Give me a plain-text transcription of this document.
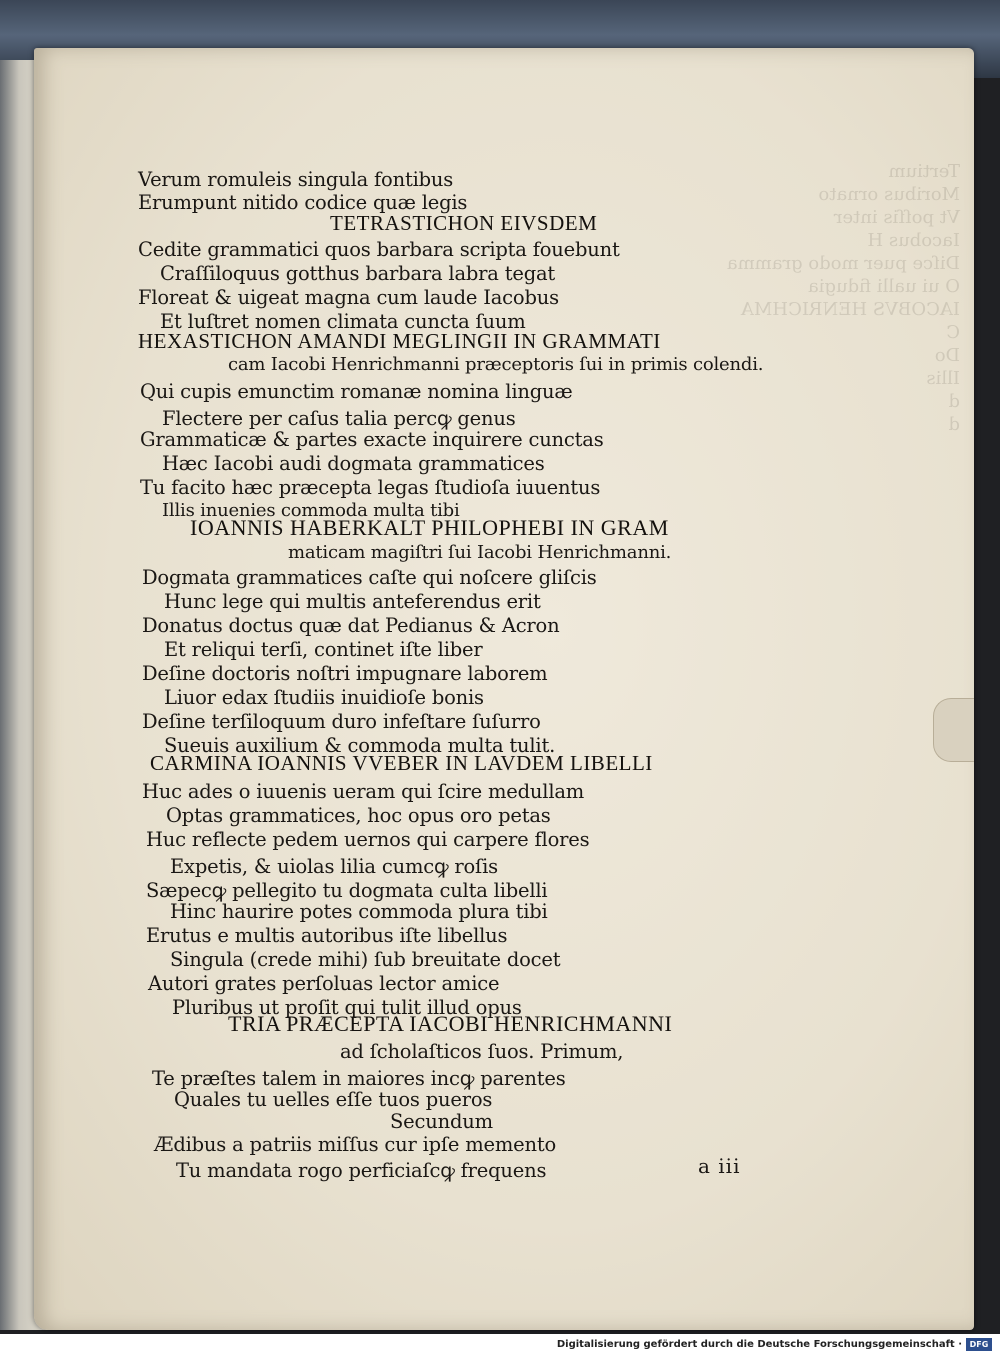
Tertium
Moribus ornato
Vt poſſis inter
Iacobus H
Diſce puer modo
O ui ualli fidugia
IACOBVS HENRICHMA
C
Do
Illis
d
d

Verum romuleis singula fontibus

Erumpunt nitido codice quæ legis

TETRASTICHON EIVSDEM

Cedite grammatici quos barbara scripta fouebunt

Craſſiloquus gotthus barbara labra tegat

Floreat & uigeat magna cum laude Iacobus

Et luſtret nomen climata cuncta ſuum

HEXASTICHON AMANDI MEGLINGII IN GRAMMATI

cam Iacobi Henrichmanni præceptoris ſui in primis colendi.

Qui cupis emunctim romanæ nomina linguæ

Flectere per caſus talia percꝙ genus

Grammaticæ & partes exacte inquirere cunctas

Hæc Iacobi audi dogmata grammatices

Tu facito hæc præcepta legas ſtudioſa iuuentus

Illis inuenies commoda multa tibi

IOANNIS HABERKALT PHILOPHEBI IN GRAM

maticam magiſtri ſui Iacobi Henrichmanni.

Dogmata grammatices caſte qui noſcere gliſcis

Hunc lege qui multis anteferendus erit

Donatus doctus quæ dat Pedianus & Acron

Et reliqui terſi, continet iſte liber

Deſine doctoris noſtri impugnare laborem

Liuor edax ſtudiis inuidioſe bonis

Deſine terſiloquum duro infeſtare ſuſurro

Sueuis auxilium & commoda multa tulit.

CARMINA IOANNIS VVEBER IN LAVDEM LIBELLI

Huc ades o iuuenis ueram qui ſcire medullam

Optas grammatices, hoc opus oro petas

Huc reflecte pedem uernos qui carpere flores

Expetis, & uiolas lilia cumcꝙ roſis

Sæpecꝙ pellegito tu dogmata culta libelli

Hinc haurire potes commoda plura tibi

Erutus e multis autoribus iſte libellus

Singula (crede mihi) ſub breuitate docet

Autori grates perſoluas lector amice

Pluribus ut proſit qui tulit illud opus

TRIA PRÆCEPTA IACOBI HENRICHMANNI

ad ſcholaſticos ſuos. Primum,

Te præſtes talem in maiores incꝙ parentes

Quales tu uelles eſſe tuos pueros

Secundum

Ædibus a patriis miſſus cur ipſe memento

Tu mandata rogo perficiaſcꝙ frequens	a iii

Digitalisierung gefördert durch die Deutsche Forschungsgemeinschaft · DFG
